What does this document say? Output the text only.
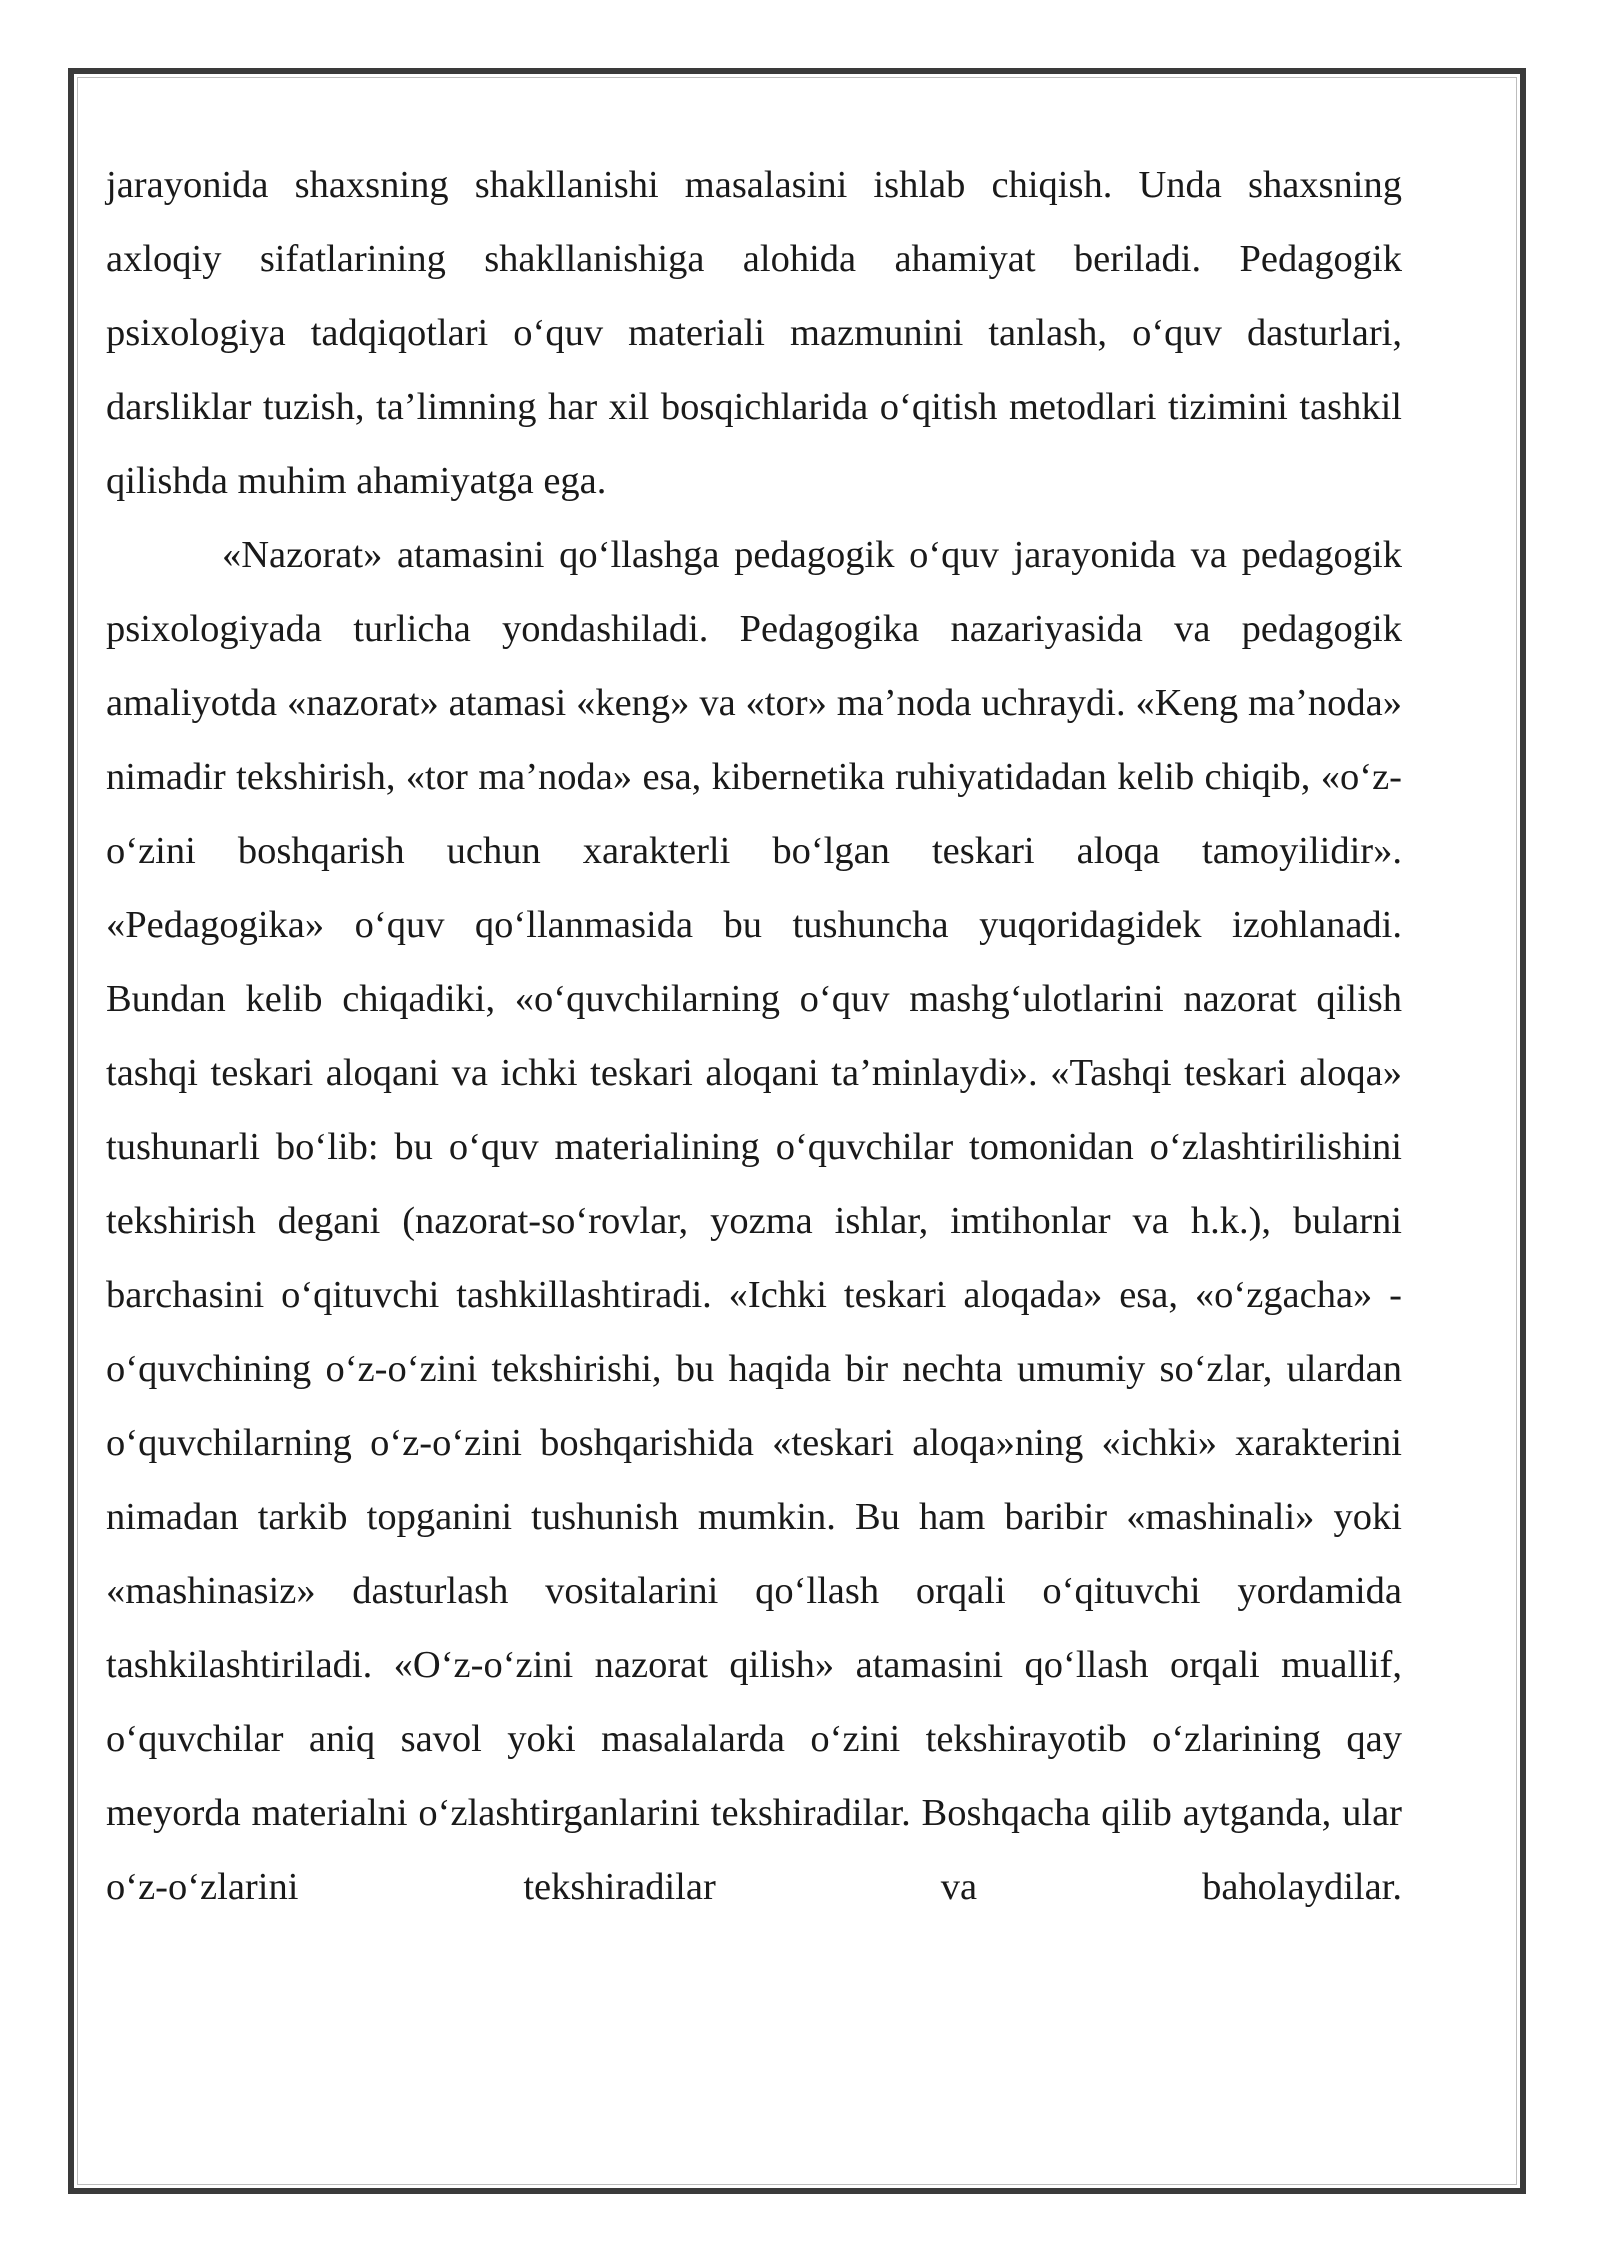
jarayonida shaxsning shakllanishi masalasini ishlab chiqish. Unda shaxsning axloqiy sifatlarining shakllanishiga alohida ahamiyat beriladi. Pedagogik psixologiya tadqiqotlari o‘quv materiali mazmunini tanlash, o‘quv dasturlari, darsliklar tuzish, ta’limning har xil bosqichlarida o‘qitish metodlari tizimini tashkil qilishda muhim ahamiyatga ega.

«Nazorat» atamasini qo‘llashga pedagogik o‘quv jarayonida va pedagogik psixologiyada turlicha yondashiladi. Pedagogika nazariyasida va pedagogik amaliyotda «nazorat» atamasi «keng» va «tor» ma’noda uchraydi. «Keng ma’noda» nimadir tekshirish, «tor ma’noda» esa, kibernetika ruhiyatidadan kelib chiqib, «o‘z-o‘zini boshqarish uchun xarakterli bo‘lgan teskari aloqa tamoyilidir». «Pedagogika» o‘quv qo‘llanmasida bu tushuncha yuqoridagidek izohlanadi. Bundan kelib chiqadiki, «o‘quvchilarning o‘quv mashg‘ulotlarini nazorat qilish tashqi teskari aloqani va ichki teskari aloqani ta’minlaydi». «Tashqi teskari aloqa» tushunarli bo‘lib: bu o‘quv materialining o‘quvchilar tomonidan o‘zlashtirilishini tekshirish degani (nazorat-so‘rovlar, yozma ishlar, imtihonlar va h.k.), bularni barchasini o‘qituvchi tashkillashtiradi. «Ichki teskari aloqada» esa, «o‘zgacha» - o‘quvchining o‘z-o‘zini tekshirishi, bu haqida bir nechta umumiy so‘zlar, ulardan o‘quvchilarning o‘z-o‘zini boshqarishida «teskari aloqa»ning «ichki» xarakterini nimadan tarkib topganini tushunish mumkin. Bu ham baribir «mashinali» yoki «mashinasiz» dasturlash vositalarini qo‘llash orqali o‘qituvchi yordamida tashkilashtiriladi. «O‘z-o‘zini nazorat qilish» atamasini qo‘llash orqali muallif, o‘quvchilar aniq savol yoki masalalarda o‘zini tekshirayotib o‘zlarining qay meyorda materialni o‘zlashtirganlarini tekshiradilar. Boshqacha qilib aytganda, ular o‘z-o‘zlarini tekshiradilar va baholaydilar.
